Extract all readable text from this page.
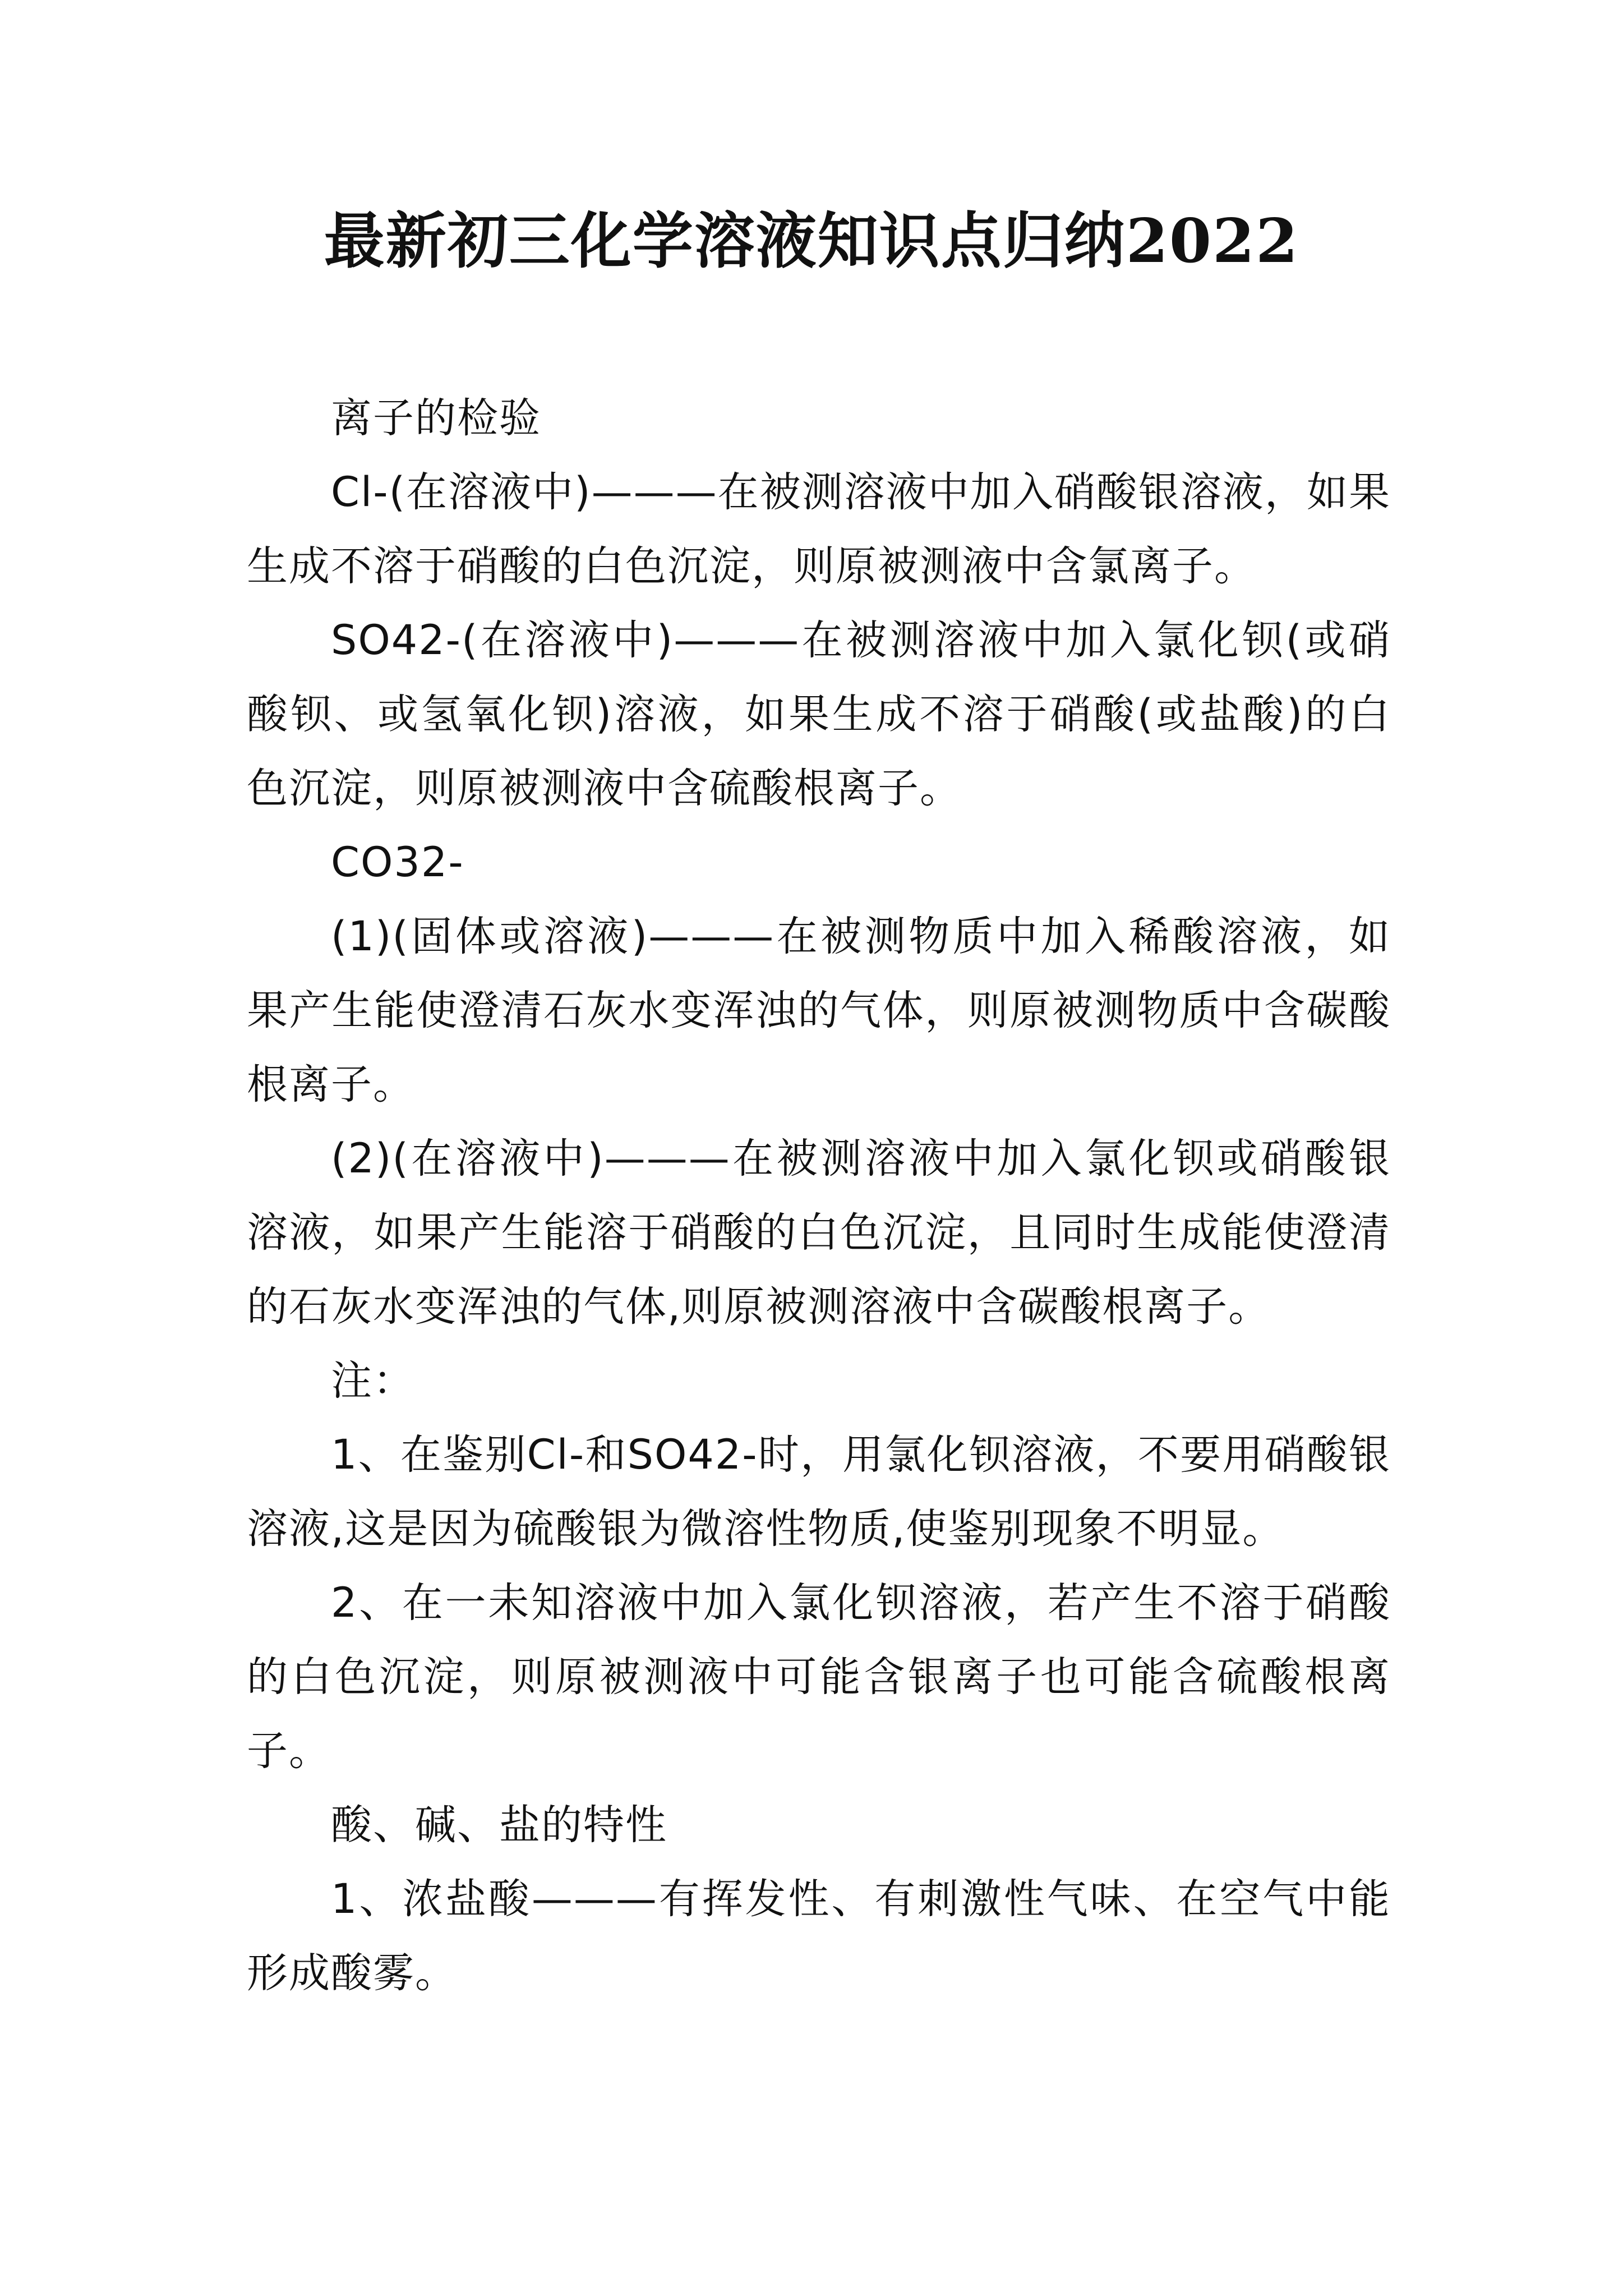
最新初三化学溶液知识点归纳2022

离子的检验

Cl-(在溶液中)———在被测溶液中加入硝酸银溶液，如果生成不溶于硝酸的白色沉淀，则原被测液中含氯离子。

SO42-(在溶液中)———在被测溶液中加入氯化钡(或硝酸钡、或氢氧化钡)溶液，如果生成不溶于硝酸(或盐酸)的白色沉淀，则原被测液中含硫酸根离子。

CO32-

(1)(固体或溶液)———在被测物质中加入稀酸溶液，如果产生能使澄清石灰水变浑浊的气体，则原被测物质中含碳酸根离子。

(2)(在溶液中)———在被测溶液中加入氯化钡或硝酸银溶液，如果产生能溶于硝酸的白色沉淀，且同时生成能使澄清的石灰水变浑浊的气体,则原被测溶液中含碳酸根离子。

注：

1、在鉴别Cl-和SO42-时，用氯化钡溶液，不要用硝酸银溶液,这是因为硫酸银为微溶性物质,使鉴别现象不明显。

2、在一未知溶液中加入氯化钡溶液，若产生不溶于硝酸的白色沉淀，则原被测液中可能含银离子也可能含硫酸根离子。

酸、碱、盐的特性

1、浓盐酸———有挥发性、有刺激性气味、在空气中能形成酸雾。
